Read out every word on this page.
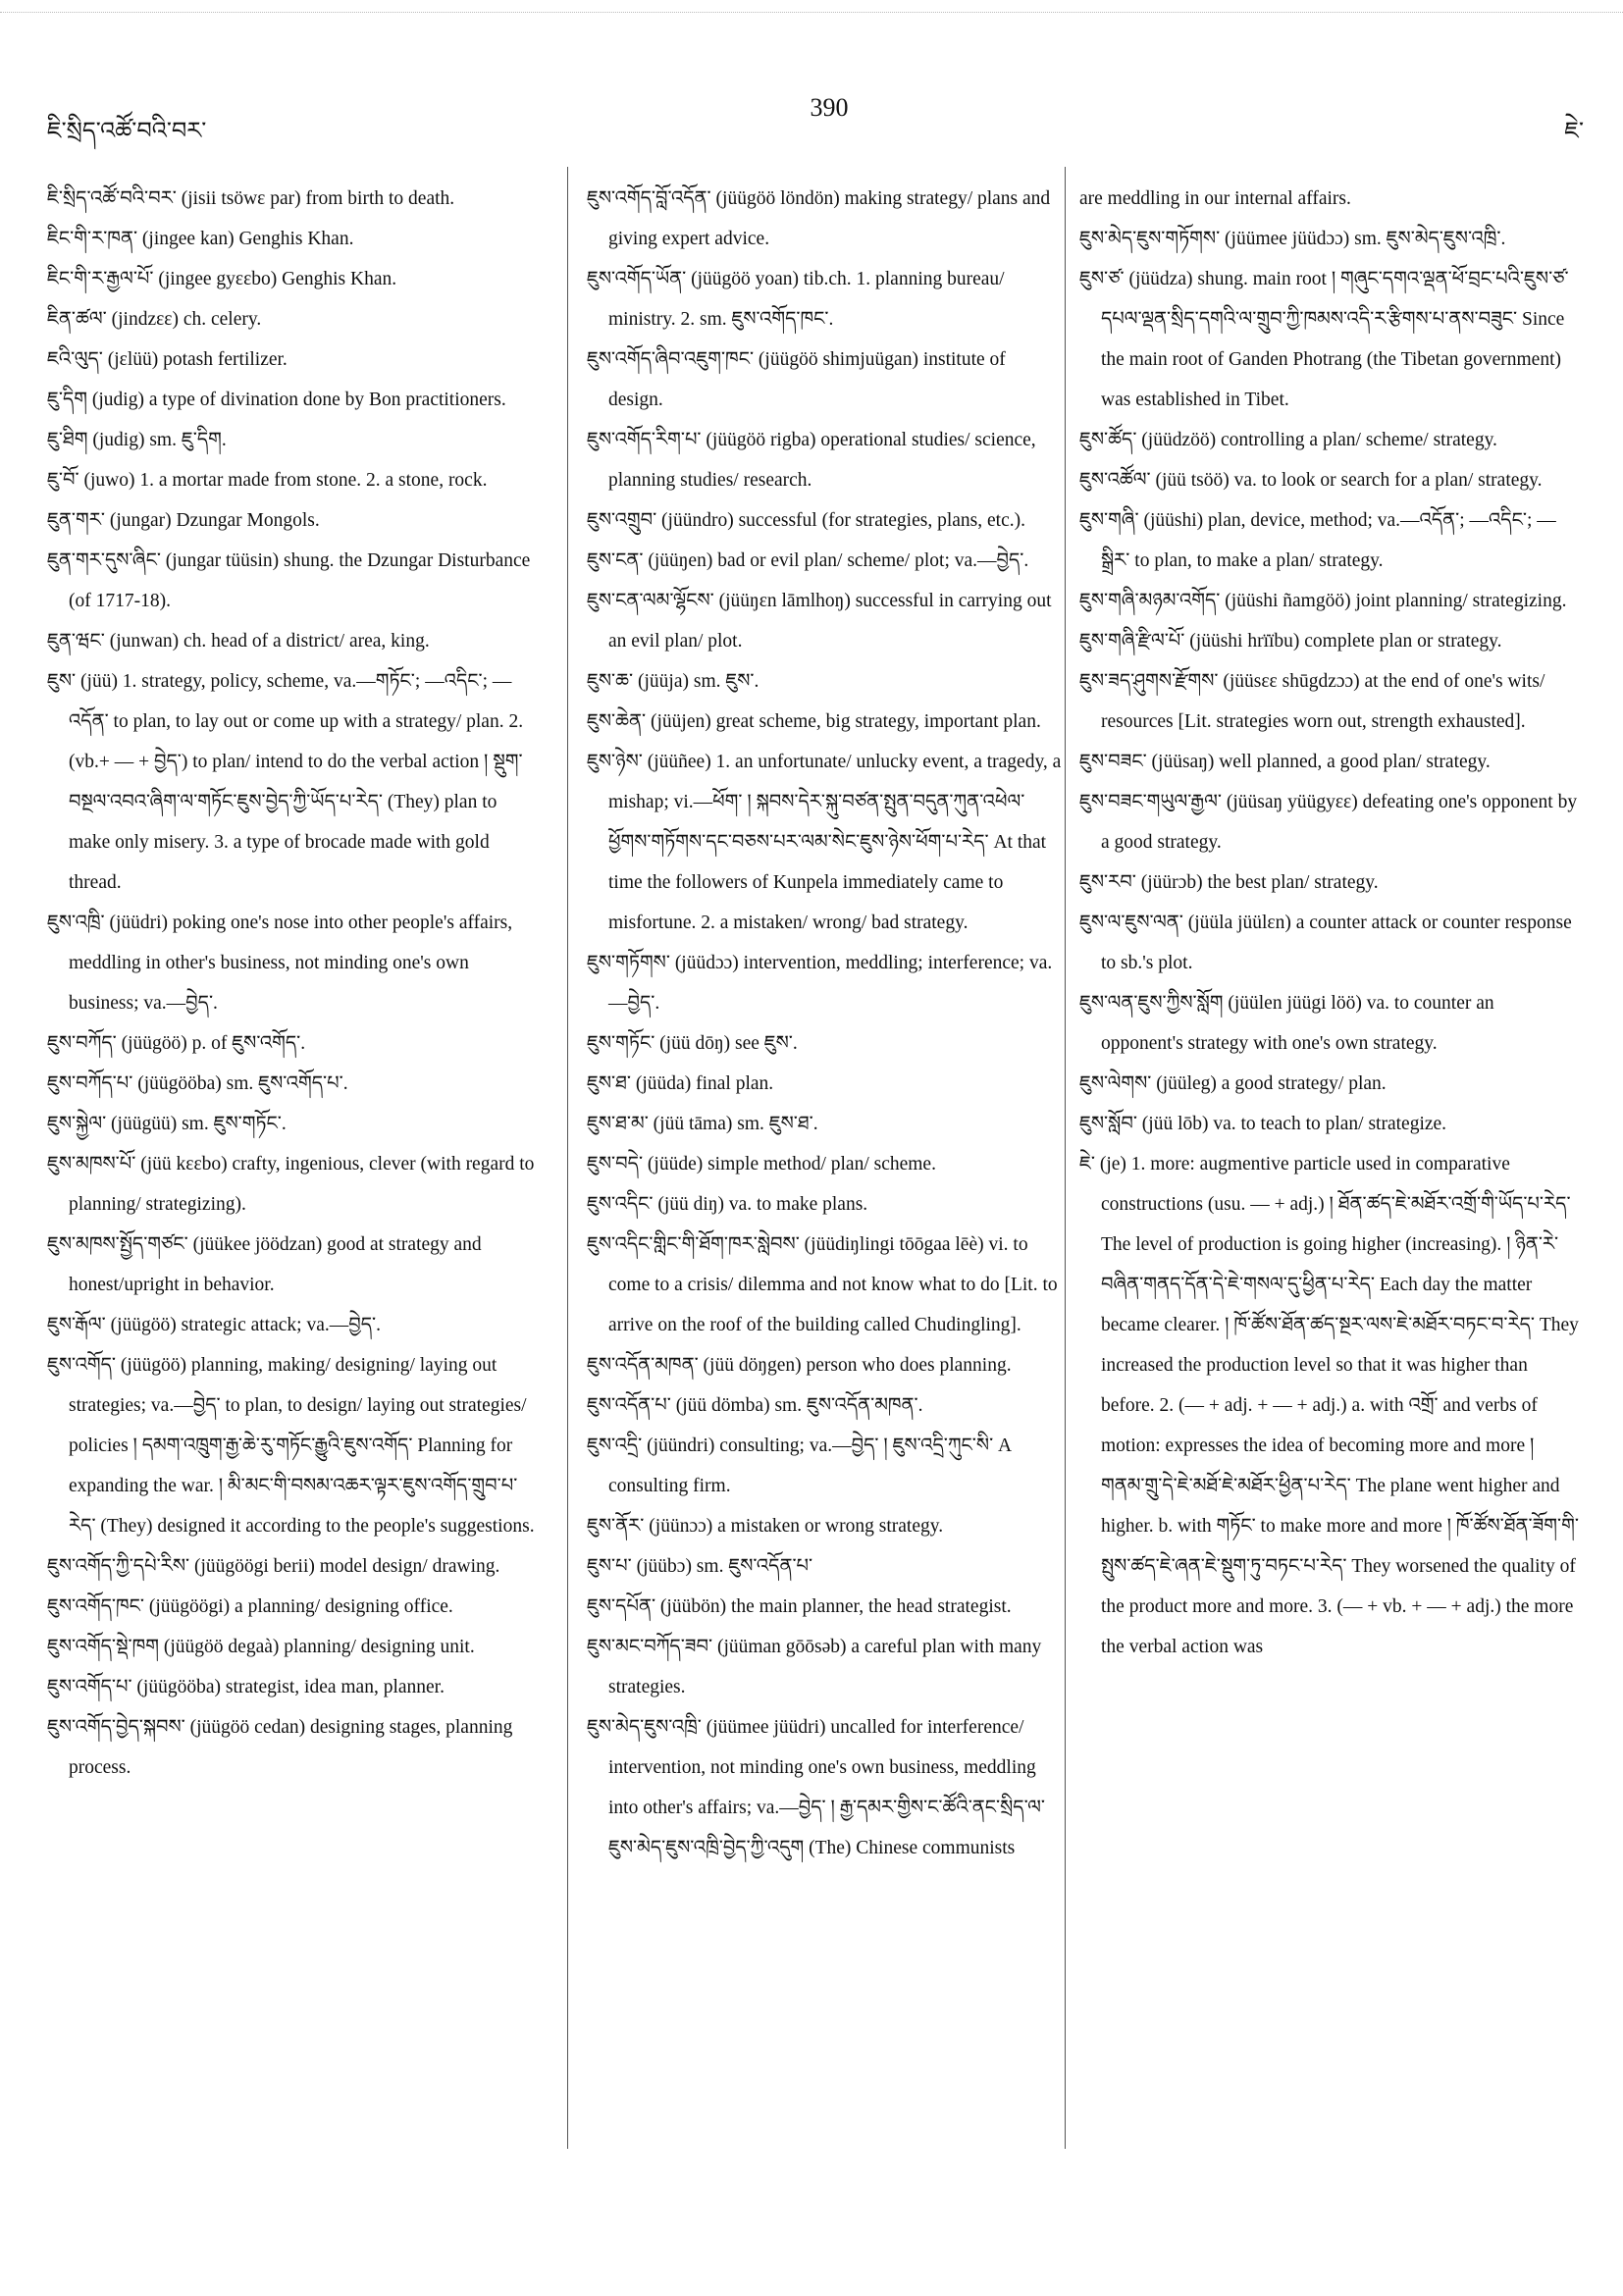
ཇི་སྲིད་འཚོ་བའི་བར་
390
ཇེ་

ཇི་སྲིད་འཚོ་བའི་བར་ (jisii tsöwɛ par) from birth to death.

ཇིང་གི་ར་ཁན་ (jingee kan) Genghis Khan.

ཇིང་གི་ར་རྒྱལ་པོ་ (jingee gyɛɛbo) Genghis Khan.

ཇིན་ཚལ་ (jindzɛɛ) ch. celery.

ཇའི་ལུད་ (jɛlüü) potash fertilizer.

ཇུ་དིག (judig) a type of divination done by Bon practitioners.

ཇུ་ཐིག (judig) sm. ཇུ་དིག.

ཇུ་བོ་ (juwo) 1. a mortar made from stone. 2. a stone, rock.

ཇུན་གར་ (jungar) Dzungar Mongols.

ཇུན་གར་དུས་ཞིང་ (jungar tüüsin) shung. the Dzungar Disturbance (of 1717-18).

ཇུན་ཝང་ (junwan) ch. head of a district/ area, king.

ཇུས་ (jüü) 1. strategy, policy, scheme, va.—གཏོང་; —འདིང་; —འདོན་ to plan, to lay out or come up with a strategy/ plan. 2. (vb.+ — + བྱེད་) to plan/ intend to do the verbal action ། སྡུག་བསྔལ་འབའ་ཞིག་ལ་གཏོང་ཇུས་བྱེད་ཀྱི་ཡོད་པ་རེད་ (They) plan to make only misery. 3. a type of brocade made with gold thread.

ཇུས་འཁྲི་ (jüüdri) poking one's nose into other people's affairs, meddling in other's business, not minding one's own business; va.—བྱེད་.

ཇུས་བཀོད་ (jüügöö) p. of ཇུས་འགོད་.

ཇུས་བཀོད་པ་ (jüügööba) sm. ཇུས་འགོད་པ་.

ཇུས་སྐྱེལ་ (jüügüü) sm. ཇུས་གཏོང་.

ཇུས་མཁས་པོ་ (jüü kɛɛbo) crafty, ingenious, clever (with regard to planning/ strategizing).

ཇུས་མཁས་སྤྱོད་གཙང་ (jüükee jöödzan) good at strategy and honest/upright in behavior.

ཇུས་རྒོལ་ (jüügöö) strategic attack; va.—བྱེད་.

ཇུས་འགོད་ (jüügöö) planning, making/ designing/ laying out strategies; va.—བྱེད་ to plan, to design/ laying out strategies/ policies ། དམག་འཁྲུག་རྒྱ་ཆེ་རུ་གཏོང་རྒྱུའི་ཇུས་འགོད་ Planning for expanding the war. ། མི་མང་གི་བསམ་འཆར་ལྟར་ཇུས་འགོད་གྲུབ་པ་རེད་ (They) designed it according to the people's suggestions.

ཇུས་འགོད་ཀྱི་དཔེ་རིས་ (jüügöögi berii) model design/ drawing.

ཇུས་འགོད་ཁང་ (jüügöögi) a planning/ designing office.

ཇུས་འགོད་སྡེ་ཁག (jüügöö degaà) planning/ designing unit.

ཇུས་འགོད་པ་ (jüügööba) strategist, idea man, planner.

ཇུས་འགོད་བྱེད་སྐབས་ (jüügöö cedan) designing stages, planning process.

ཇུས་འགོད་བློ་འདོན་ (jüügöö löndön) making strategy/ plans and giving expert advice.

ཇུས་འགོད་ཡོན་ (jüügöö yoan) tib.ch. 1. planning bureau/ ministry. 2. sm. ཇུས་འགོད་ཁང་.

ཇུས་འགོད་ཞིབ་འཇུག་ཁང་ (jüügöö shimjuügan) institute of design.

ཇུས་འགོད་རིག་པ་ (jüügöö rigba) operational studies/ science, planning studies/ research.

ཇུས་འགྲུབ་ (jüündro) successful (for strategies, plans, etc.).

ཇུས་ངན་ (jüüŋen) bad or evil plan/ scheme/ plot; va.—བྱེད་.

ཇུས་ངན་ལམ་ལྷོངས་ (jüüŋɛn lāmlhoŋ) successful in carrying out an evil plan/ plot.

ཇུས་ཆ་ (jüüja) sm. ཇུས་.

ཇུས་ཆེན་ (jüüjen) great scheme, big strategy, important plan.

ཇུས་ཉེས་ (jüüñee) 1. an unfortunate/ unlucky event, a tragedy, a mishap; vi.—ཕོག་ ། སྐབས་དེར་སྐུ་བཙན་སྤུན་བདུན་ཀུན་འཕེལ་ཕྱོགས་གཏོགས་དང་བཅས་པར་ལམ་སེང་ཇུས་ཉེས་ཕོག་པ་རེད་ At that time the followers of Kunpela immediately came to misfortune. 2. a mistaken/ wrong/ bad strategy.

ཇུས་གཏོགས་ (jüüdɔɔ) intervention, meddling; interference; va.—བྱེད་.

ཇུས་གཏོང་ (jüü dōŋ) see ཇུས་.

ཇུས་ཐ་ (jüüda) final plan.

ཇུས་ཐ་མ་ (jüü tāma) sm. ཇུས་ཐ་.

ཇུས་བདེ་ (jüüde) simple method/ plan/ scheme.

ཇུས་འདིང་ (jüü diŋ) va. to make plans.

ཇུས་འདིང་གླིང་གི་ཐོག་ཁར་སླེབས་ (jüüdiŋlingi tōōgaa lēè) vi. to come to a crisis/ dilemma and not know what to do [Lit. to arrive on the roof of the building called Chudingling].

ཇུས་འདོན་མཁན་ (jüü döŋgen) person who does planning.

ཇུས་འདོན་པ་ (jüü dömba) sm. ཇུས་འདོན་མཁན་.

ཇུས་འདྲི་ (jüündri) consulting; va.—བྱེད་ ། ཇུས་འདྲི་ཀུང་སི་ A consulting firm.

ཇུས་ནོར་ (jüünɔɔ) a mistaken or wrong strategy.

ཇུས་པ་ (jüübɔ) sm. ཇུས་འདོན་པ་

ཇུས་དཔོན་ (jüübön) the main planner, the head strategist.

ཇུས་མང་བཀོད་ཟབ་ (jüüman gōōsəb) a careful plan with many strategies.

ཇུས་མེད་ཇུས་འཁྲི་ (jüümee jüüdri) uncalled for interference/ intervention, not minding one's own business, meddling into other's affairs; va.—བྱེད་ ། རྒྱ་དམར་གྱིས་ང་ཚོའི་ནང་སྲིད་ལ་ཇུས་མེད་ཇུས་འཁྲི་བྱེད་ཀྱི་འདུག (The) Chinese communists

are meddling in our internal affairs.

ཇུས་མེད་ཇུས་གཏོགས་ (jüümee jüüdɔɔ) sm. ཇུས་མེད་ཇུས་འཁྲི་.

ཇུས་ཙ་ (jüüdza) shung. main root ། གཞུང་དགའ་ལྡན་ཕོ་བྲང་པའི་ཇུས་ཙ་དཔལ་ལྡན་སྲིད་དགའི་ལ་གྲུབ་ཀྱི་ཁམས་འདི་ར་རྩིགས་པ་ནས་བཟུང་ Since the main root of Ganden Photrang (the Tibetan government) was established in Tibet.

ཇུས་ཚོད་ (jüüdzöö) controlling a plan/ scheme/ strategy.

ཇུས་འཚོལ་ (jüü tsöö) va. to look or search for a plan/ strategy.

ཇུས་གཞི་ (jüüshi) plan, device, method; va.—འདོན་; —འདིང་; —སྒྲིར་ to plan, to make a plan/ strategy.

ཇུས་གཞི་མཉམ་འགོད་ (jüüshi ñamgöö) joint planning/ strategizing.

ཇུས་གཞི་རྫིལ་པོ་ (jüüshi hrïïbu) complete plan or strategy.

ཇུས་ཟད་ཤུགས་རྫོགས་ (jüüsɛɛ shūgdzɔɔ) at the end of one's wits/ resources [Lit. strategies worn out, strength exhausted].

ཇུས་བཟང་ (jüüsaŋ) well planned, a good plan/ strategy.

ཇུས་བཟང་གཡུལ་རྒྱལ་ (jüüsaŋ yüügyɛɛ) defeating one's opponent by a good strategy.

ཇུས་རབ་ (jüürɔb) the best plan/ strategy.

ཇུས་ལ་ཇུས་ལན་ (jüüla jüülɛn) a counter attack or counter response to sb.'s plot.

ཇུས་ལན་ཇུས་ཀྱིས་སློག (jüülen jüügi löö) va. to counter an opponent's strategy with one's own strategy.

ཇུས་ལེགས་ (jüüleg) a good strategy/ plan.

ཇུས་སློབ་ (jüü lōb) va. to teach to plan/ strategize.

ཇེ་ (je) 1. more: augmentive particle used in comparative constructions (usu. — + adj.) ། ཐོན་ཚད་ཇེ་མཐོར་འགྲོ་གི་ཡོད་པ་རེད་ The level of production is going higher (increasing). ། ཉིན་རེ་བཞིན་གནད་དོན་དེ་ཇེ་གསལ་དུ་ཕྱིན་པ་རེད་ Each day the matter became clearer. ། ཁོ་ཚོས་ཐོན་ཚད་སྔར་ལས་ཇེ་མཐོར་བཏང་བ་རེད་ They increased the production level so that it was higher than before. 2. (— + adj. + — + adj.) a. with འགྲོ་ and verbs of motion: expresses the idea of becoming more and more ། གནམ་གྲུ་དེ་ཇེ་མཐོ་ཇེ་མཐོར་ཕྱིན་པ་རེད་ The plane went higher and higher. b. with གཏོང་ to make more and more ། ཁོ་ཚོས་ཐོན་ཟོག་གི་སྤུས་ཚད་ཇེ་ཞན་ཇེ་སྡུག་ཏུ་བཏང་པ་རེད་ They worsened the quality of the product more and more. 3. (— + vb. + — + adj.) the more the verbal action was
